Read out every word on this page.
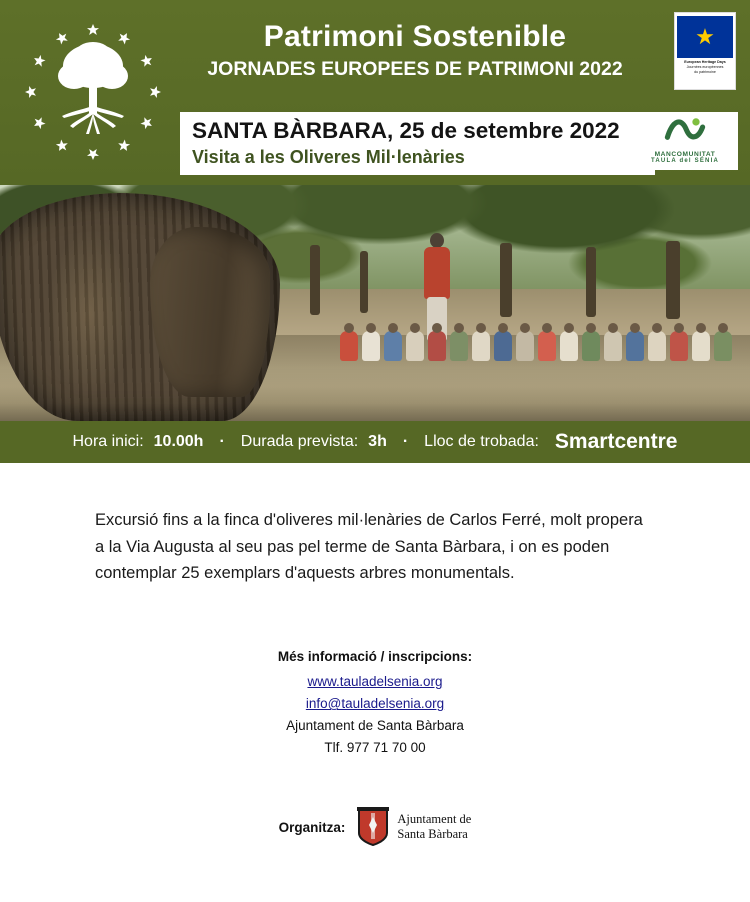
Patrimoni Sostenible
JORNADES EUROPEES DE PATRIMONI 2022
★
European Heritage Days
Journées européennes
du patrimoine
SANTA BÀRBARA, 25 de setembre 2022
Visita a les Oliveres Mil·lenàries	MANCOMUNITAT
TAULA del SÉNIA
Hora inici: 10.00h	·	Durada prevista: 3h	·	Lloc de trobada: Smartcentre
Excursió fins a la finca d'oliveres mil·lenàries de Carlos Ferré, molt propera a la Via Augusta al seu pas pel terme de Santa Bàrbara, i on es poden contemplar 25 exemplars d'aquests arbres monumentals.
Més informació / inscripcions:
www.tauladelsenia.org
info@tauladelsenia.org
Ajuntament de Santa Bàrbara
Tlf. 977 71 70 00
Organitza:
Ajuntament de
Santa Bàrbara
